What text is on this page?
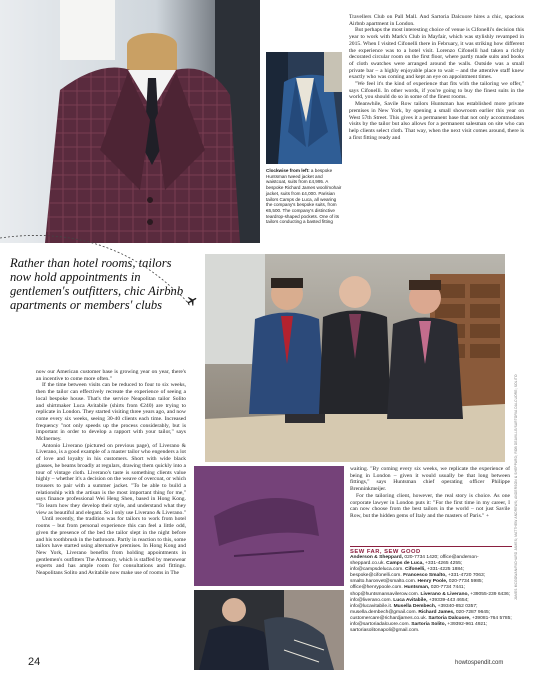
Clockwise from left: a bespoke Huntsman tweed jacket and waistcoat, suits from £4,995. A bespoke Richard James wool/mohair jacket, suits from £4,000. Parisian tailors Camps de Luca, all wearing the company's bespoke suits, from €6,500. The company's distinctive teardrop-shaped pockets. One of its tailors conducting a basted fitting

Travellers Club on Pall Mall. And Sartoria Dalcuore hires a chic, spacious Airbnb apartment in London.

But perhaps the most interesting choice of venue is Cifonelli's decision this year to work with Mark's Club in Mayfair, which was stylishly revamped in 2015. When I visited Cifonelli there in February, it was striking how different the experience was to a hotel visit. Lorenzo Cifonelli had taken a richly decorated circular room on the first floor, where partly made suits and books of cloth swatches were arranged around the walls. Outside was a small private bar – a highly enjoyable place to wait – and the attentive staff knew exactly who was coming and kept an eye on appointment times.

"We feel it's the kind of experience that fits with the tailoring we offer," says Cifonelli. In other words, if you're going to buy the finest suits in the world, you should do so in some of the finest rooms.

Meanwhile, Savile Row tailors Huntsman has established more private premises in New York, by opening a small showroom earlier this year on West 57th Street. This gives it a permanent base that not only accommodates visits by the tailor but also allows for a permanent salesman on site who can help clients select cloth. That way, when the next visit comes around, there is a first fitting ready and

Rather than hotel rooms, tailors now hold appointments in gentlemen's outfitters, chic Airbnb apartments or members' clubs

now our American customer base is growing year on year, there's an incentive to come more often."

If the time between visits can be reduced to four to six weeks, then the tailor can effectively recreate the experience of seeing a local bespoke house. That's the service Neapolitan tailor Solito and shirtmaker Luca Avitabile (shirts from €240) are trying to replicate in London. They started visiting three years ago, and now come every six weeks, seeing 30-40 clients each time. Increased frequency "not only speeds up the process considerably, but is important in order to develop a rapport with your tailor," says McInerney.

Antonio Liverano (pictured on previous page), of Liverano & Liverano, is a good example of a master tailor who engenders a lot of love and loyalty in his customers. Short with wide black glasses, he beams broadly at regulars, drawing them quickly into a tour of vintage cloth. Liverano's taste is something clients value highly – whether it's a decision on the weave of overcoat, or which trousers to pair with a summer jacket. "To be able to build a relationship with the artisan is the most important thing for me," says finance professional Wei Heng Shen, based in Hong Kong. "To learn how they develop their style, and understand what they view as beautiful and elegant. So I only use Liverano & Liverano."

Until recently, the tradition was for tailors to work from hotel rooms – but from personal experience this can feel a little odd, given the presence of the bed the tailor slept in the night before and his toothbrush in the bathroom. Partly in reaction to this, some tailors have started using alternative premises. In Hong Kong and New York, Liverano benefits from holding appointments in gentlemen's outfitters The Armoury, which is staffed by menswear experts and has ample room for consultations and fittings. Neapolitans Solito and Avitabile now make use of rooms in The

waiting. "By coming every six weeks, we replicate the experience of being in London – given it would usually be that long between fittings," says Huntsman chief operating officer Philippe Brenninkmeijer.

For the tailoring client, however, the real story is choice. As one corporate lawyer in London puts it: "For the first time in my career, I can now choose from the best tailors in the world – not just Savile Row, but the hidden gems of Italy and the masters of Paris." +

SEW FAR, SEW GOOD
Anderson & Sheppard, 020-7734 1420; office@anderson-sheppard.co.uk. Camps de Luca, +331-4265 4255; info@campsdeluca.com. Cifonelli, +331-4225 1884; bespoke@cifonelli.com. Francesco Smalto, +331-4720 7063; smalto.haronvet@smalto.com. Henry Poole, 020-7734 5985; office@henrypoole.com. Huntsman, 020-7734 7441; shop@huntsmansavilerow.com. Liverano & Liverano, +39055-239 6436; info@liverano.com. Luca Avitabile, +39339-443 4654; info@lucavitabile.it. Musella Dembech, +39340-852 0357; musella.dembech@gmail.com. Richard James, 020-7287 9645; customercare@richardjames.co.uk. Sartoria Dalcuore, +39081-764 5785; info@sartoriadalcuore.com. Sartoria Solito, +39392-961 4921; sartoriasolitonapoli@gmail.com.
JAMES MCGOWAN/RICHARD JAMES; MATTHEW ANDREWS; ANDERSON & SHEPPARD; ROB DEAVILLE/SARTORIA DALCUORE; SOLITO
24	howtospendit.com
